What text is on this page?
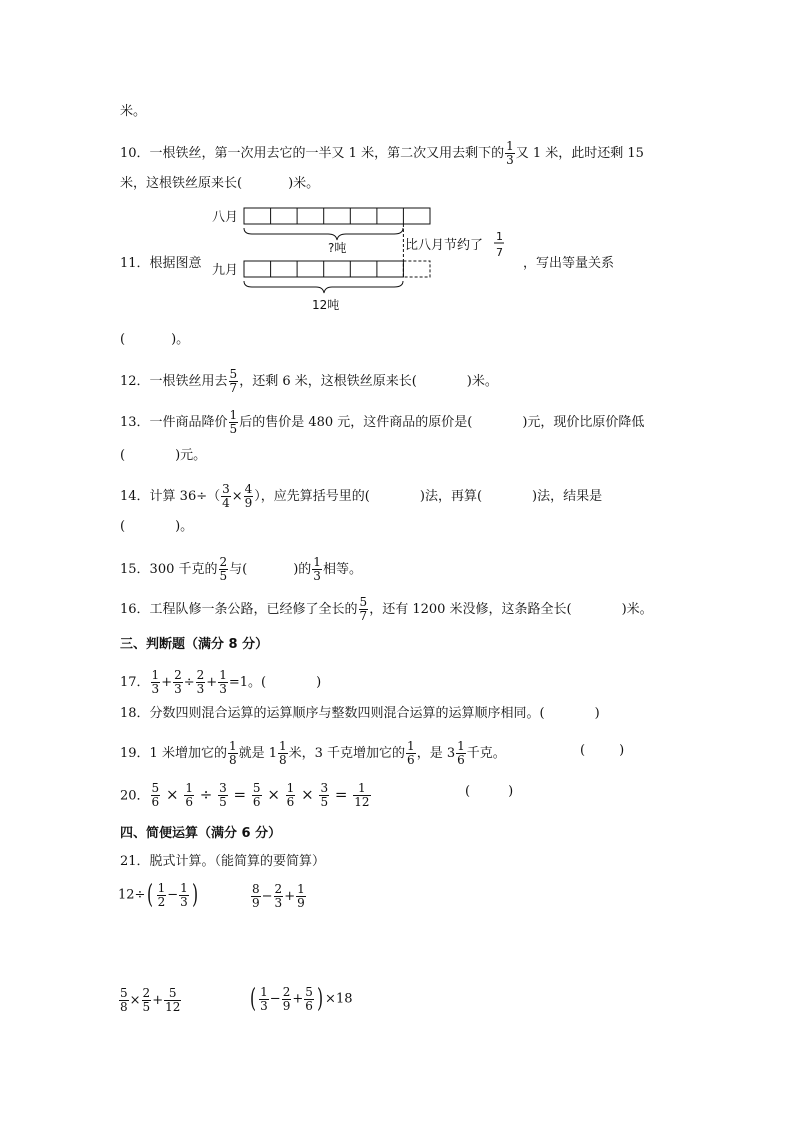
米。
10．一根铁丝，第一次用去它的一半又 1 米，第二次又用去剩下的 $\frac{1}{3}$ 又 1 米，此时还剩 15
米，这根铁丝原来长(	)米。
11．根据图意
八月
?吨	比八月节约了
1
7
九月
12吨
，写出等量关系
(	)。
12．一根铁丝用去 $\frac{5}{7}$ ，还剩 6 米，这根铁丝原来长(	)米。
13．一件商品降价 $\frac{1}{5}$ 后的售价是 480 元，这件商品的原价是(	)元，现价比原价降低
(	)元。
14．计算 $36\div( \frac{3}{4} \times \frac{4}{9}$ ），应先算括号里的(	)法，再算(	)法，结果是
(	)。
15．300 千克的 $\frac{2}{5}$ 与(	)的 $\frac{1}{3}$ 相等。
16．工程队修一条公路，已经修了全长的 $\frac{5}{7}$ ，还有 1200 米没修，这条路全长(	)米。
三、判断题（满分 8 分）
17． $\frac{1}{3} + \frac{2}{3} \div \frac{2}{3} + \frac{1}{3} =1$。(	)
18．分数四则混合运算的运算顺序与整数四则混合运算的运算顺序相同。(	)
19．1 米增加它的 $\frac{1}{8}$ 就是 $1 \frac{1}{8}$ 米，3 千克增加它的 $\frac{1}{6}$ ，是 $3 \frac{1}{6}$ 千克。	(	)
20． $\frac{5}{6} \times \frac{1}{6} \div \frac{3}{5} = \frac{5}{6} \times \frac{1}{6} \times \frac{3}{5} = \frac{1}{12}$	(	)
四、简便运算（满分 6 分）
21．脱式计算。（能简算的要简算）
$12\div( \frac{1}{2} - \frac{1}{3}$ )	$\frac{8}{9} - \frac{2}{3} + \frac{1}{9}$
$\frac{5}{8} \times \frac{2}{5} + \frac{5}{12}$	( $\frac{1}{3} - \frac{2}{9} + \frac{5}{6}$ ) ×18
